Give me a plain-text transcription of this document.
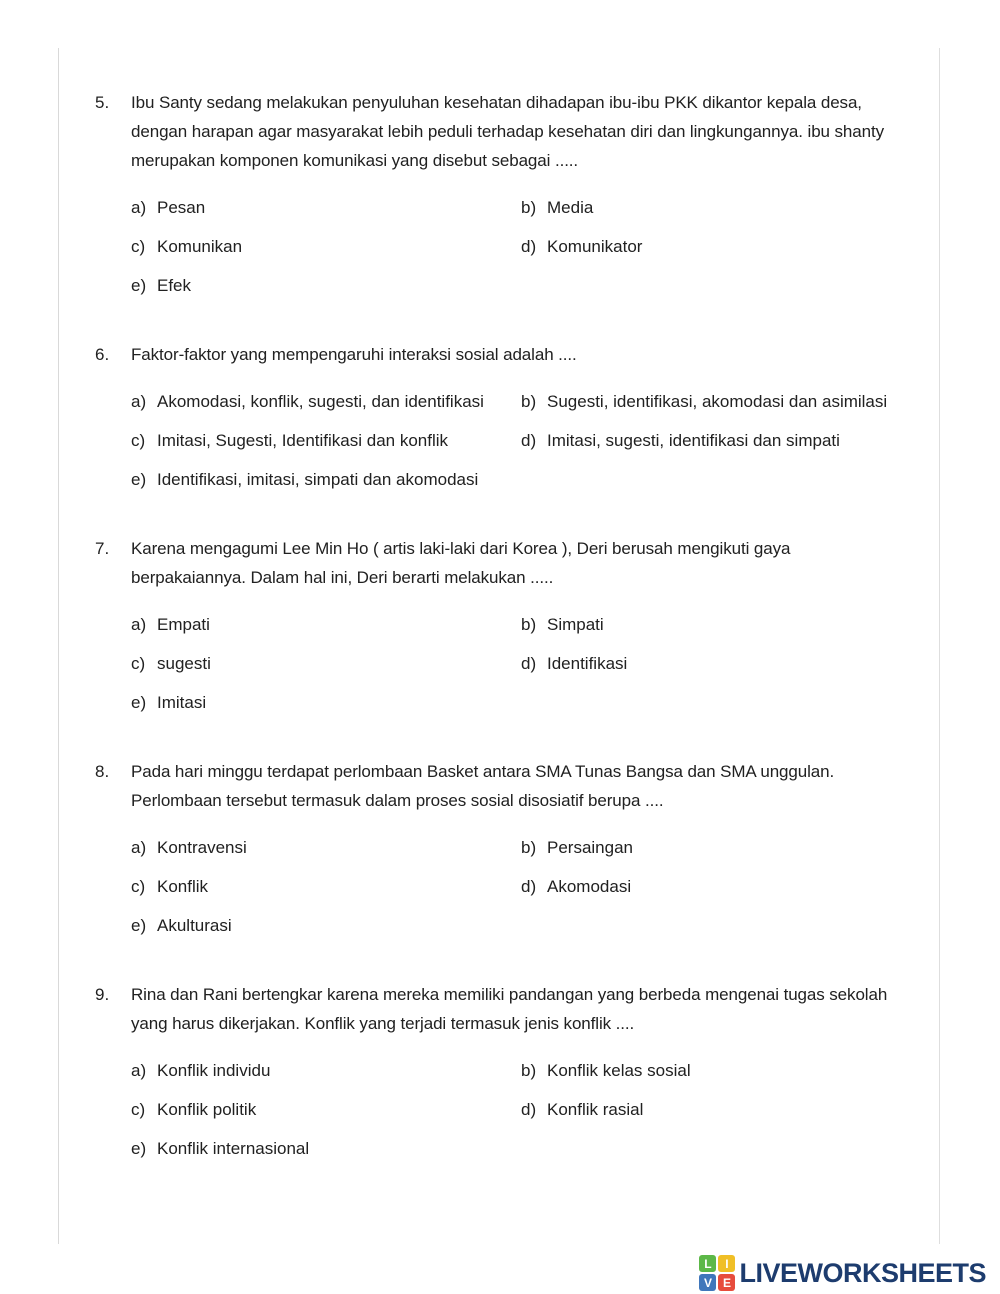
5.	Ibu Santy sedang melakukan penyuluhan kesehatan dihadapan ibu-ibu PKK dikantor kepala desa, dengan harapan agar masyarakat lebih peduli terhadap kesehatan diri dan lingkungannya. ibu shanty merupakan komponen komunikasi yang disebut sebagai .....
a) Pesan	b) Media
c) Komunikan	d) Komunikator
e) Efek
6.	Faktor-faktor yang mempengaruhi interaksi sosial adalah ....
a) Akomodasi, konflik, sugesti, dan identifikasi b) Sugesti, identifikasi, akomodasi dan asimilasi
c) Imitasi, Sugesti, Identifikasi dan konflik	d) Imitasi, sugesti, identifikasi dan simpati
e) Identifikasi, imitasi, simpati dan akomodasi
7.	Karena mengagumi Lee Min Ho ( artis laki-laki dari Korea ), Deri berusah mengikuti gaya berpakaiannya. Dalam hal ini, Deri berarti melakukan .....
a) Empati	b) Simpati
c) sugesti	d) Identifikasi
e) Imitasi
8.	Pada hari minggu terdapat perlombaan Basket antara SMA Tunas Bangsa dan SMA unggulan. Perlombaan tersebut termasuk dalam proses sosial disosiatif berupa ....
a) Kontravensi	b) Persaingan
c) Konflik	d) Akomodasi
e) Akulturasi
9.	Rina dan Rani bertengkar karena mereka memiliki pandangan yang berbeda mengenai tugas sekolah yang harus dikerjakan. Konflik yang terjadi termasuk jenis konflik ....
a) Konflik individu	b) Konflik kelas sosial
c) Konflik politik	d) Konflik rasial
e) Konflik internasional
L	I
V E LIVEWORKSHEETS
